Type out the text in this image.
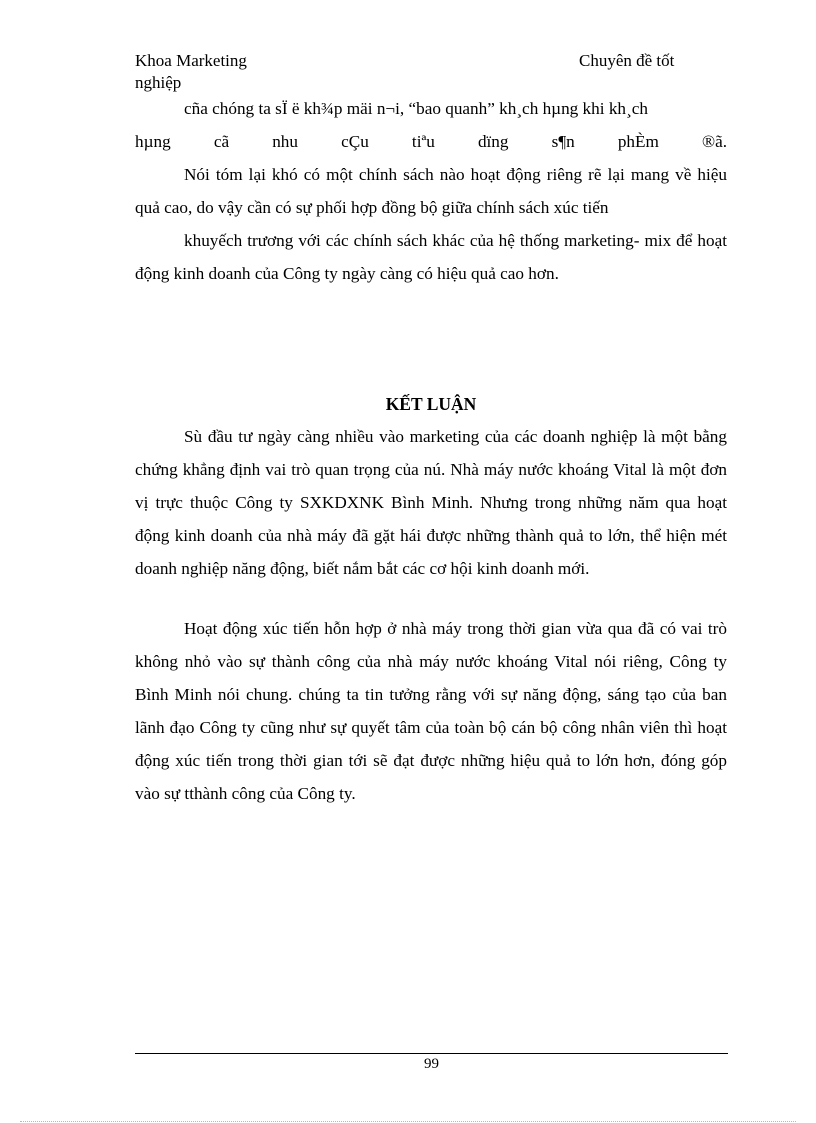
Khoa Marketing	Chuyên đề tốt
nghiệp
cña chóng ta sÏ ë kh¾p mäi n¬i, “bao quanh” kh¸ch hµng khi kh¸ch
hµng	cã	nhu	cÇu	tiªu	dïng	s¶n	phÈm	®ã.

Nói tóm lại khó có một chính sách nào hoạt động riêng rẽ lại mang về hiệu quả cao, do vậy cần có sự phối hợp đồng bộ giữa chính sách xúc tiến

khuyếch trương với các chính sách khác của hệ thống marketing- mix để hoạt động kinh doanh của Công ty ngày càng có hiệu quả cao hơn.

KẾT LUẬN

Sù đầu tư ngày càng nhiều vào marketing của các doanh nghiệp là một bằng chứng khẳng định vai trò quan trọng của nú. Nhà máy nước khoáng Vital là một đơn vị trực thuộc Công ty SXKDXNK Bình Minh. Nhưng trong những năm qua hoạt động kinh doanh của nhà máy đã gặt hái được những thành quả to lớn, thể hiện mét doanh nghiệp năng động, biết nắm bắt các cơ hội kinh doanh mới.

Hoạt động xúc tiến hỗn hợp ở nhà máy trong thời gian vừa qua đã có vai trò không nhỏ vào sự thành công của nhà máy nước khoáng Vital nói riêng, Công ty Bình Minh nói chung. chúng ta tin tưởng rằng với sự năng động, sáng tạo của ban lãnh đạo Công ty cũng như sự quyết tâm của toàn bộ cán bộ công nhân viên thì hoạt động xúc tiến trong thời gian tới sẽ đạt được những hiệu quả to lớn hơn, đóng góp vào sự tthành công của Công ty.

99
